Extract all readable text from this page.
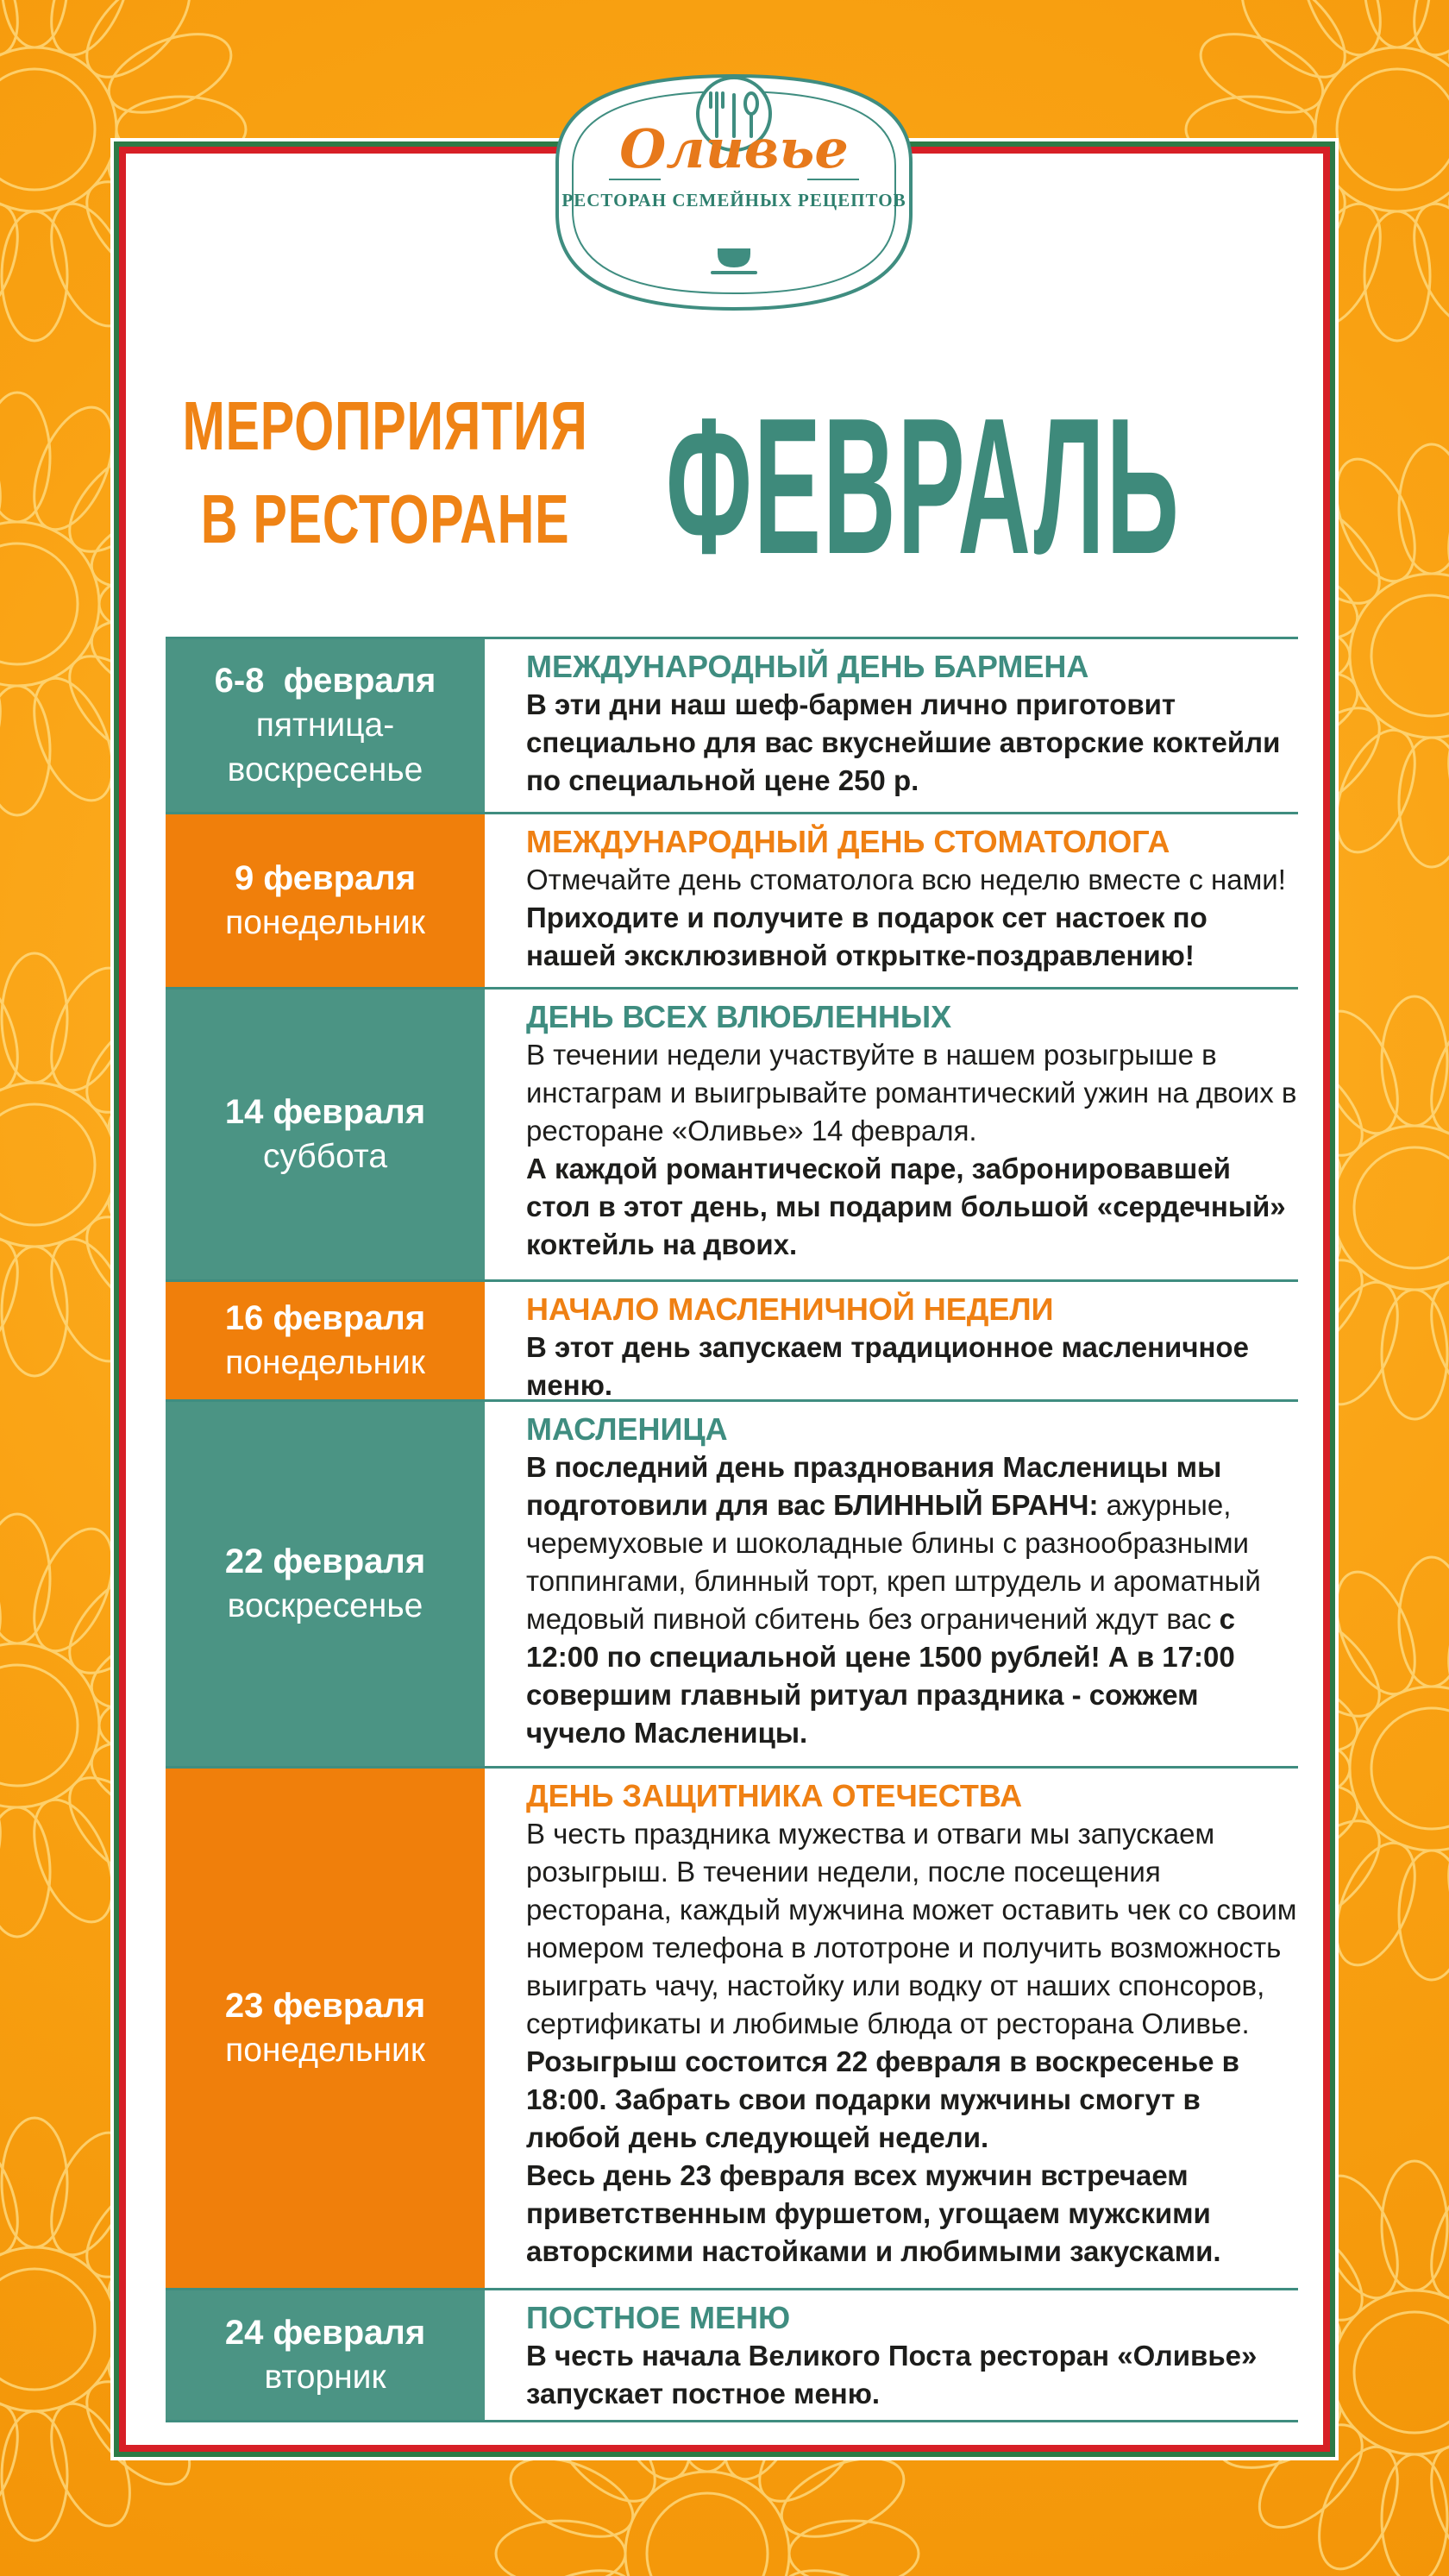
Оливье
РЕСТОРАН СЕМЕЙНЫХ РЕЦЕПТОВ
МЕРОПРИЯТИЯ
В РЕСТОРАНЕ ФЕВРАЛЬ
6-8  февраля
пятница-
воскресенье
МЕЖДУНАРОДНЫЙ ДЕНЬ БАРМЕНА
В эти дни наш шеф-бармен лично приготовит специально для вас вкуснейшие авторские коктейли по специальной цене 250 р.
9 февраля
понедельник
МЕЖДУНАРОДНЫЙ ДЕНЬ СТОМАТОЛОГА
Отмечайте день стоматолога всю неделю вместе с нами! Приходите и получите в подарок сет настоек по нашей эксклюзивной открытке-поздравлению!
14 февраля
суббота
ДЕНЬ ВСЕХ ВЛЮБЛЕННЫХ
В течении недели участвуйте в нашем розыгрыше в инстаграм и выигрывайте романтический ужин на двоих в ресторане «Оливье» 14 февраля.
А каждой романтической паре, забронировавшей стол в этот день, мы подарим большой «сердечный» коктейль на двоих.
16 февраля
понедельник
НАЧАЛО МАСЛЕНИЧНОЙ НЕДЕЛИ
В этот день запускаем традиционное масленичное меню.
22 февраля
воскресенье
МАСЛЕНИЦА
В последний день празднования Масленицы мы подготовили для вас БЛИННЫЙ БРАНЧ: ажурные, черемуховые и шоколадные блины с разнообразными топпингами, блинный торт, креп штрудель и ароматный медовый пивной сбитень без ограничений ждут вас с 12:00 по специальной цене 1500 рублей! А в 17:00 совершим главный ритуал праздника - сожжем чучело Масленицы.
23 февраля
понедельник
ДЕНЬ ЗАЩИТНИКА ОТЕЧЕСТВА
В честь праздника мужества и отваги мы запускаем розыгрыш. В течении недели, после посещения ресторана, каждый мужчина может оставить чек со своим номером телефона в лототроне и получить возможность выиграть чачу, настойку или водку от наших спонсоров, сертификаты и любимые блюда от ресторана Оливье. Розыгрыш состоится 22 февраля в воскресенье в 18:00. Забрать свои подарки мужчины смогут в любой день следующей недели.
Весь день 23 февраля всех мужчин встречаем приветственным фуршетом, угощаем мужскими авторскими настойками и любимыми закусками.
24 февраля
вторник
ПОСТНОЕ МЕНЮ
В честь начала Великого Поста ресторан «Оливье» запускает постное меню.
